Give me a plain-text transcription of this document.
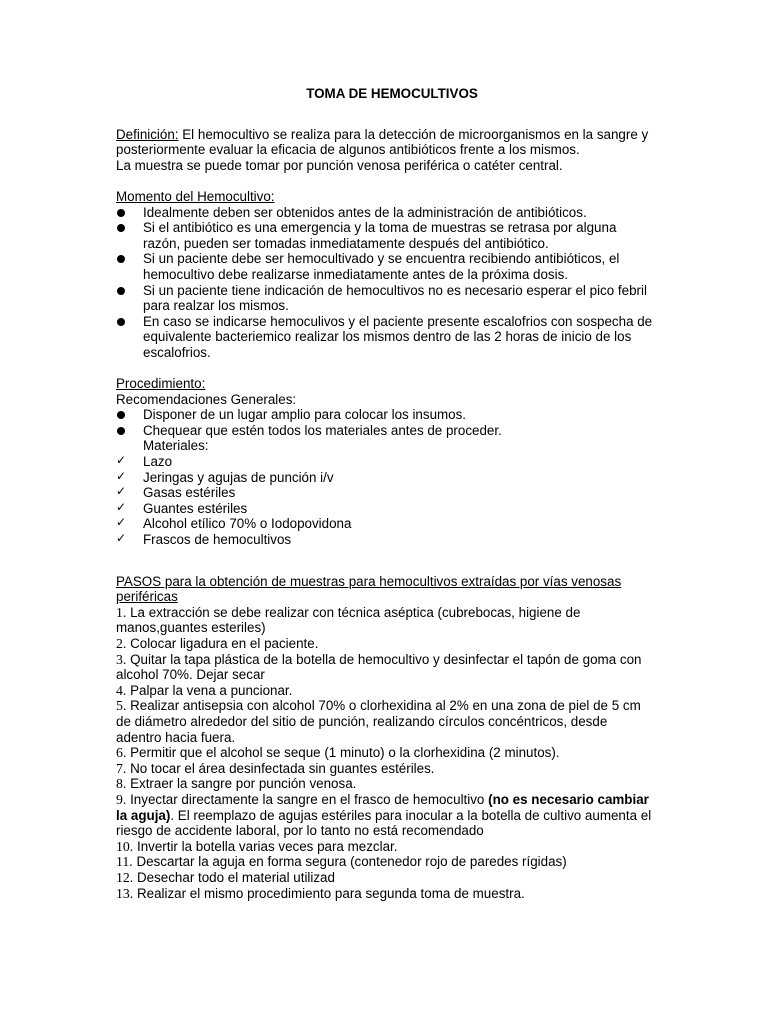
TOMA DE HEMOCULTIVOS

Definición: El hemocultivo se realiza para la detección de microorganismos en la sangre y posteriormente evaluar la eficacia de algunos antibióticos frente a los mismos.

La muestra se puede tomar por punción venosa periférica o catéter central.

Momento del Hemocultivo:

Idealmente deben ser obtenidos antes de la administración de antibióticos.
Si el antibiótico es una emergencia y la toma de muestras se retrasa por alguna razón, pueden ser tomadas inmediatamente después del antibiótico.
Si un paciente debe ser hemocultivado y se encuentra recibiendo antibióticos, el hemocultivo debe realizarse inmediatamente antes de la próxima dosis.
Si un paciente tiene indicación de hemocultivos no es necesario esperar el pico febril para realzar los mismos.
En caso se indicarse hemoculivos y el paciente presente escalofrios con sospecha de equivalente bacteriemico realizar los mismos dentro de las 2 horas de inicio de los escalofrios.

Procedimiento:

Recomendaciones Generales:

Disponer de un lugar amplio para colocar los insumos.
Chequear que estén todos los materiales antes de proceder.

Materiales:

✓ Lazo
✓ Jeringas y agujas de punción i/v
✓ Gasas estériles
✓ Guantes estériles
✓ Alcohol etílico 70% o Iodopovidona
✓ Frascos de hemocultivos

PASOS para la obtención de muestras para hemocultivos extraídas por vías venosas periféricas

1. La extracción se debe realizar con técnica aséptica (cubrebocas, higiene de manos,guantes esteriles)

2. Colocar ligadura en el paciente.

3. Quitar la tapa plástica de la botella de hemocultivo y desinfectar el tapón de goma con alcohol 70%. Dejar secar

4. Palpar la vena a puncionar.

5. Realizar antisepsia con alcohol 70% o clorhexidina al 2% en una zona de piel de 5 cm de diámetro alrededor del sitio de punción, realizando círculos concéntricos, desde adentro hacia fuera.

6. Permitir que el alcohol se seque (1 minuto) o la clorhexidina (2 minutos).

7. No tocar el área desinfectada sin guantes estériles.

8. Extraer la sangre por punción venosa.

9. Inyectar directamente la sangre en el frasco de hemocultivo (no es necesario cambiar la aguja). El reemplazo de agujas estériles para inocular a la botella de cultivo aumenta el riesgo de accidente laboral, por lo tanto no está recomendado

10. Invertir la botella varias veces para mezclar.

11. Descartar la aguja en forma segura (contenedor rojo de paredes rígidas)

12. Desechar todo el material utilizad

13. Realizar el mismo procedimiento para segunda toma de muestra.
